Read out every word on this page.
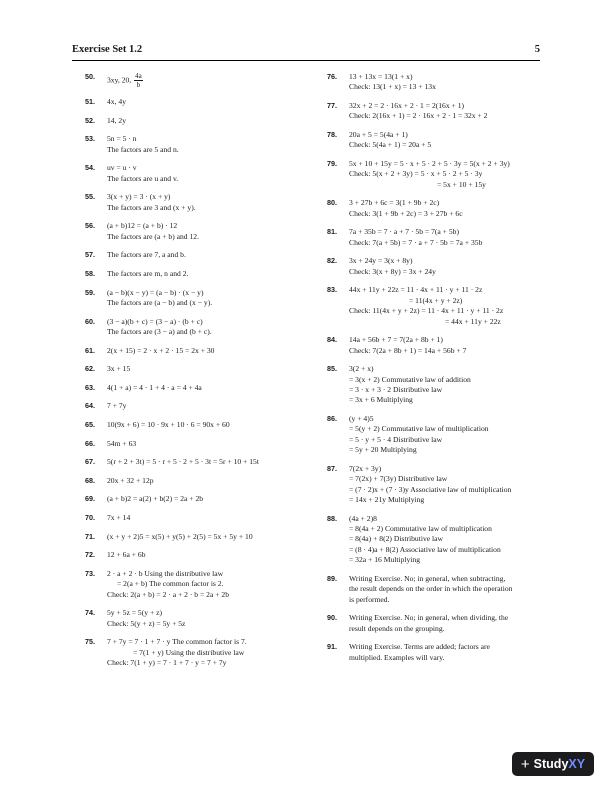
Exercise Set 1.2	5
50. 3xy, 20, $\frac{4a}{b}$
51. 4x, 4y
52. 14, 2y
53. 5n = 5 · n
The factors are 5 and n.
54. uv = u · v
The factors are u and v.
55. 3(x + y) = 3 · (x + y)
The factors are 3 and (x + y).
56. (a + b)12 = (a + b) · 12
The factors are (a + b) and 12.
57. The factors are 7, a and b.
58. The factors are m, n and 2.
59. (a − b)(x − y) = (a − b) · (x − y)
The factors are (a − b) and (x − y).
60. (3 − a)(b + c) = (3 − a) · (b + c)
The factors are (3 − a) and (b + c).
61. 2(x + 15) = 2 · x + 2 · 15 = 2x + 30
62. 3x + 15
63. 4(1 + a) = 4 · 1 + 4 · a = 4 + 4a
64. 7 + 7y
65. 10(9x + 6) = 10 · 9x + 10 · 6 = 90x + 60
66. 54m + 63
67. 5(r + 2 + 3t) = 5 · r + 5 · 2 + 5 · 3t = 5r + 10 + 15t
68. 20x + 32 + 12p
69. (a + b)2 = a(2) + b(2) = 2a + 2b
70. 7x + 14
71. (x + y + 2)5 = x(5) + y(5) + 2(5) = 5x + 5y + 10
72. 12 + 6a + 6b
73. 2 · a + 2 · b Using the distributive law
= 2(a + b) The common factor is 2.
Check: 2(a + b) = 2 · a + 2 · b = 2a + 2b
74. 5y + 5z = 5(y + z)
Check: 5(y + z) = 5y + 5z
75. 7 + 7y = 7 · 1 + 7 · y The common factor is 7.
= 7(1 + y) Using the distributive law
Check: 7(1 + y) = 7 · 1 + 7 · y = 7 + 7y
76. 13 + 13x = 13(1 + x)
Check: 13(1 + x) = 13 + 13x
77. 32x + 2 = 2 · 16x + 2 · 1 = 2(16x + 1)
Check: 2(16x + 1) = 2 · 16x + 2 · 1 = 32x + 2
78. 20a + 5 = 5(4a + 1)
Check: 5(4a + 1) = 20a + 5
79. 5x + 10 + 15y = 5 · x + 5 · 2 + 5 · 3y = 5(x + 2 + 3y)
Check: 5(x + 2 + 3y) = 5 · x + 5 · 2 + 5 · 3y
= 5x + 10 + 15y
80. 3 + 27b + 6c = 3(1 + 9b + 2c)
Check: 3(1 + 9b + 2c) = 3 + 27b + 6c
81. 7a + 35b = 7 · a + 7 · 5b = 7(a + 5b)
Check: 7(a + 5b) = 7 · a + 7 · 5b = 7a + 35b
82. 3x + 24y = 3(x + 8y)
Check: 3(x + 8y) = 3x + 24y
83. 44x + 11y + 22z = 11 · 4x + 11 · y + 11 · 2z
= 11(4x + y + 2z)
Check: 11(4x + y + 2z) = 11 · 4x + 11 · y + 11 · 2z
= 44x + 11y + 22z
84. 14a + 56b + 7 = 7(2a + 8b + 1)
Check: 7(2a + 8b + 1) = 14a + 56b + 7
85. 3(2 + x)
= 3(x + 2) Commutative law of addition
= 3 · x + 3 · 2 Distributive law
= 3x + 6 Multiplying
86. (y + 4)5
= 5(y + 2) Commutative law of multiplication
= 5 · y + 5 · 4 Distributive law
= 5y + 20 Multiplying
87. 7(2x + 3y)
= 7(2x) + 7(3y) Distributive law
= (7 · 2)x + (7 · 3)y Associative law of multiplication
= 14x + 21y Multiplying
88. (4a + 2)8
= 8(4a + 2) Commutative law of multiplication
= 8(4a) + 8(2) Distributive law
= (8 · 4)a + 8(2) Associative law of multiplication
= 32a + 16 Multiplying
89. Writing Exercise. No; in general, when subtracting,
the result depends on the order in which the operation
is performed.
90. Writing Exercise. No; in general, when dividing, the
result depends on the grouping.
91. Writing Exercise. Terms are added; factors are
multiplied. Examples will vary.
+ Study XY
